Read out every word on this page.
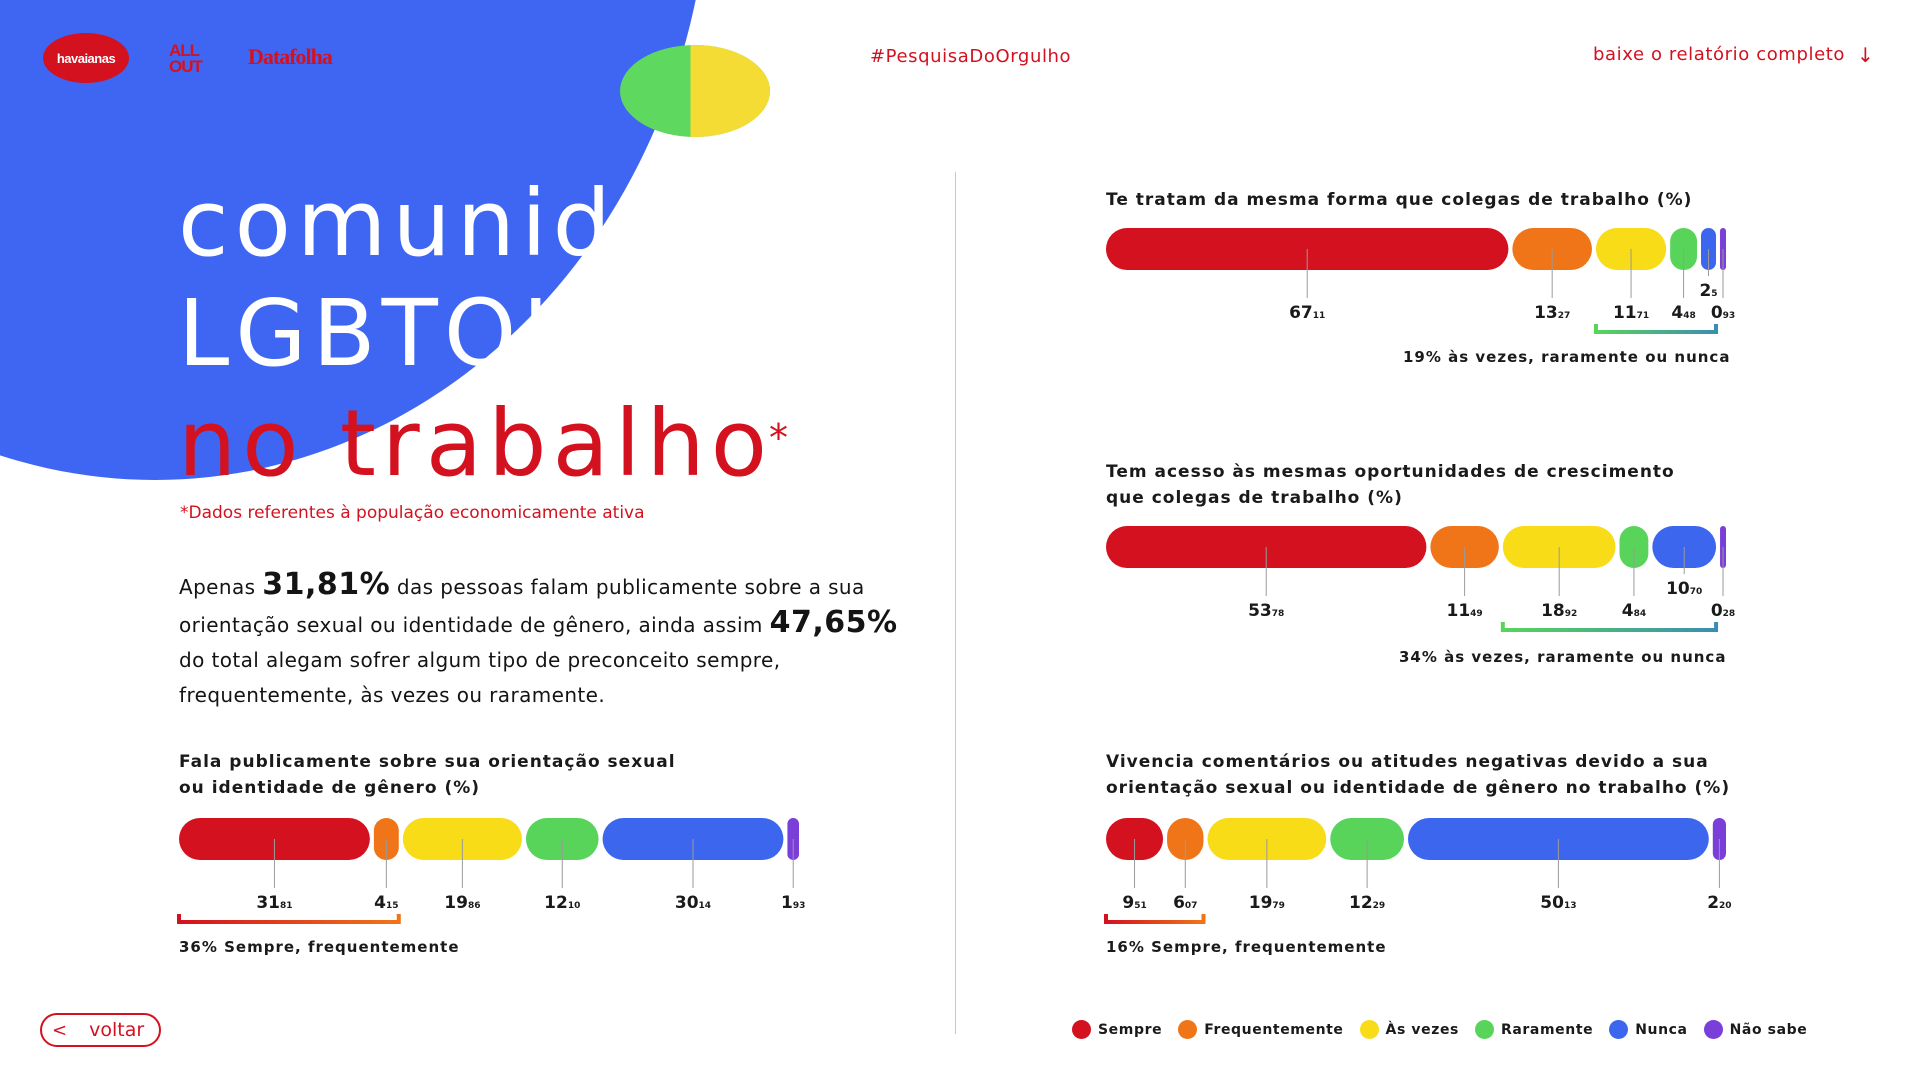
havaianas	ALL OUT	Datafolha	#PesquisaDoOrgulho	baixe o relatório completo ↓
comunidade
LGBTQIAPN+
no trabalho*
*Dados referentes à população economicamente ativa
Apenas 31,81% das pessoas falam publicamente sobre a sua orientação sexual ou identidade de gênero, ainda assim 47,65% do total alegam sofrer algum tipo de preconceito sempre, frequentemente, às vezes ou raramente.
Fala publicamente sobre sua orientação sexual
ou identidade de gênero (%)
3181	415	1986	1210	3014	193
36% Sempre, frequentemente
Te tratam da mesma forma que colegas de trabalho (%)
6711	1327	1171 448
25
093
19% às vezes, raramente ou nunca
Tem acesso às mesmas oportunidades de crescimento
que colegas de trabalho (%)
5378	1149	1892	484
1070
028
34% às vezes, raramente ou nunca
Vivencia comentários ou atitudes negativas devido a sua
orientação sexual ou identidade de gênero no trabalho (%)
951 607	1979	1229	5013	220
16% Sempre, frequentemente
Sempre	Frequentemente	Às vezes	Raramente	Nunca	Não sabe
< voltar
